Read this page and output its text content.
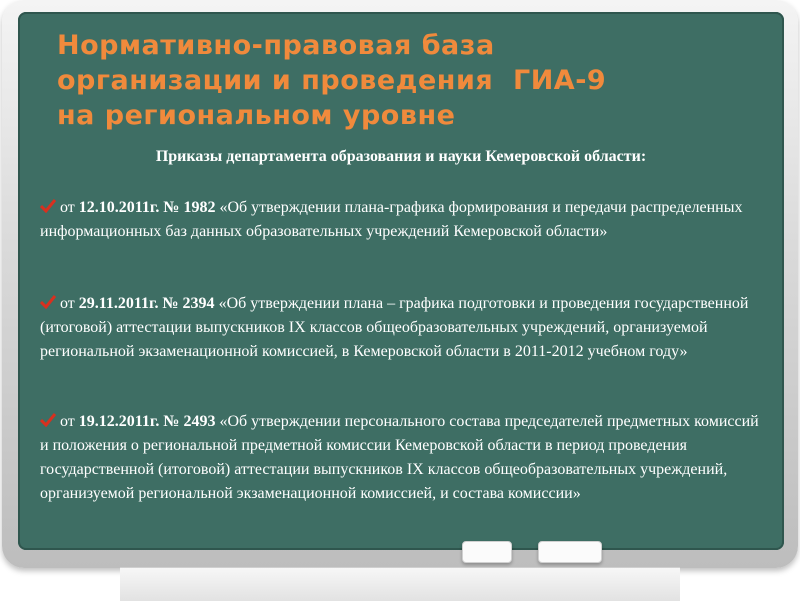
Нормативно-правовая база
организации и проведения  ГИА-9
на региональном уровне
Приказы департамента образования и науки Кемеровской области:
от 12.10.2011г. № 1982 «Об утверждении плана-графика формирования и передачи распределенных информационных баз данных образовательных учреждений Кемеровской области»
от 29.11.2011г. № 2394 «Об утверждении плана – графика подготовки и проведения государственной (итоговой) аттестации выпускников IX классов общеобразовательных учреждений, организуемой региональной экзаменационной комиссией, в Кемеровской области в 2011-2012 учебном году»
от 19.12.2011г. № 2493 «Об утверждении персонального состава председателей предметных комиссий и положения о региональной предметной комиссии Кемеровской области в период проведения государственной (итоговой) аттестации выпускников IX классов общеобразовательных учреждений, организуемой региональной экзаменационной комиссией, и состава комиссии»
